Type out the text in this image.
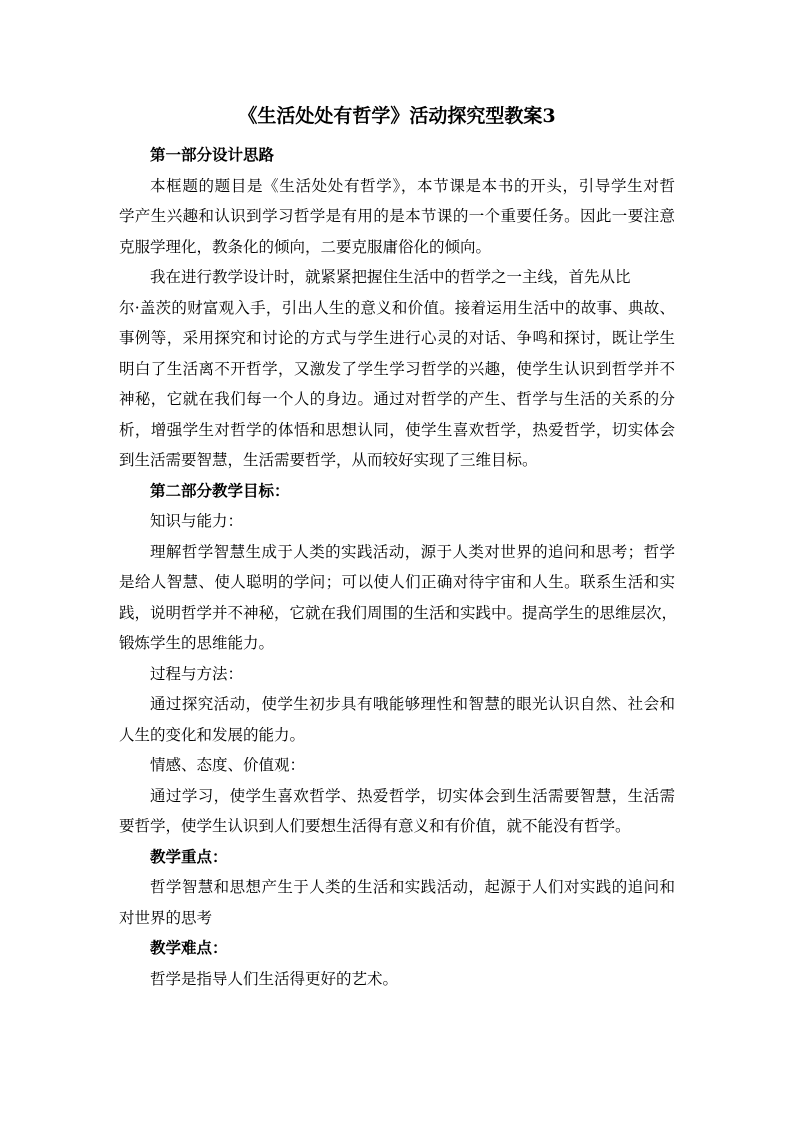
《生活处处有哲学》活动探究型教案3
第一部分设计思路
本框题的题目是《生活处处有哲学》，本节课是本书的开头，引导学生对哲
学产生兴趣和认识到学习哲学是有用的是本节课的一个重要任务。因此一要注意
克服学理化，教条化的倾向，二要克服庸俗化的倾向。
我在进行教学设计时，就紧紧把握住生活中的哲学之一主线，首先从比
尔·盖茨的财富观入手，引出人生的意义和价值。接着运用生活中的故事、典故、
事例等，采用探究和讨论的方式与学生进行心灵的对话、争鸣和探讨，既让学生
明白了生活离不开哲学，又激发了学生学习哲学的兴趣，使学生认识到哲学并不
神秘，它就在我们每一个人的身边。通过对哲学的产生、哲学与生活的关系的分
析，增强学生对哲学的体悟和思想认同，使学生喜欢哲学，热爱哲学，切实体会
到生活需要智慧，生活需要哲学，从而较好实现了三维目标。
第二部分教学目标：
知识与能力：
理解哲学智慧生成于人类的实践活动，源于人类对世界的追问和思考；哲学
是给人智慧、使人聪明的学问；可以使人们正确对待宇宙和人生。联系生活和实
践，说明哲学并不神秘，它就在我们周围的生活和实践中。提高学生的思维层次，
锻炼学生的思维能力。
过程与方法：
通过探究活动，使学生初步具有哦能够理性和智慧的眼光认识自然、社会和
人生的变化和发展的能力。
情感、态度、价值观：
通过学习，使学生喜欢哲学、热爱哲学，切实体会到生活需要智慧，生活需
要哲学，使学生认识到人们要想生活得有意义和有价值，就不能没有哲学。
教学重点：
哲学智慧和思想产生于人类的生活和实践活动，起源于人们对实践的追问和
对世界的思考
教学难点：
哲学是指导人们生活得更好的艺术。
